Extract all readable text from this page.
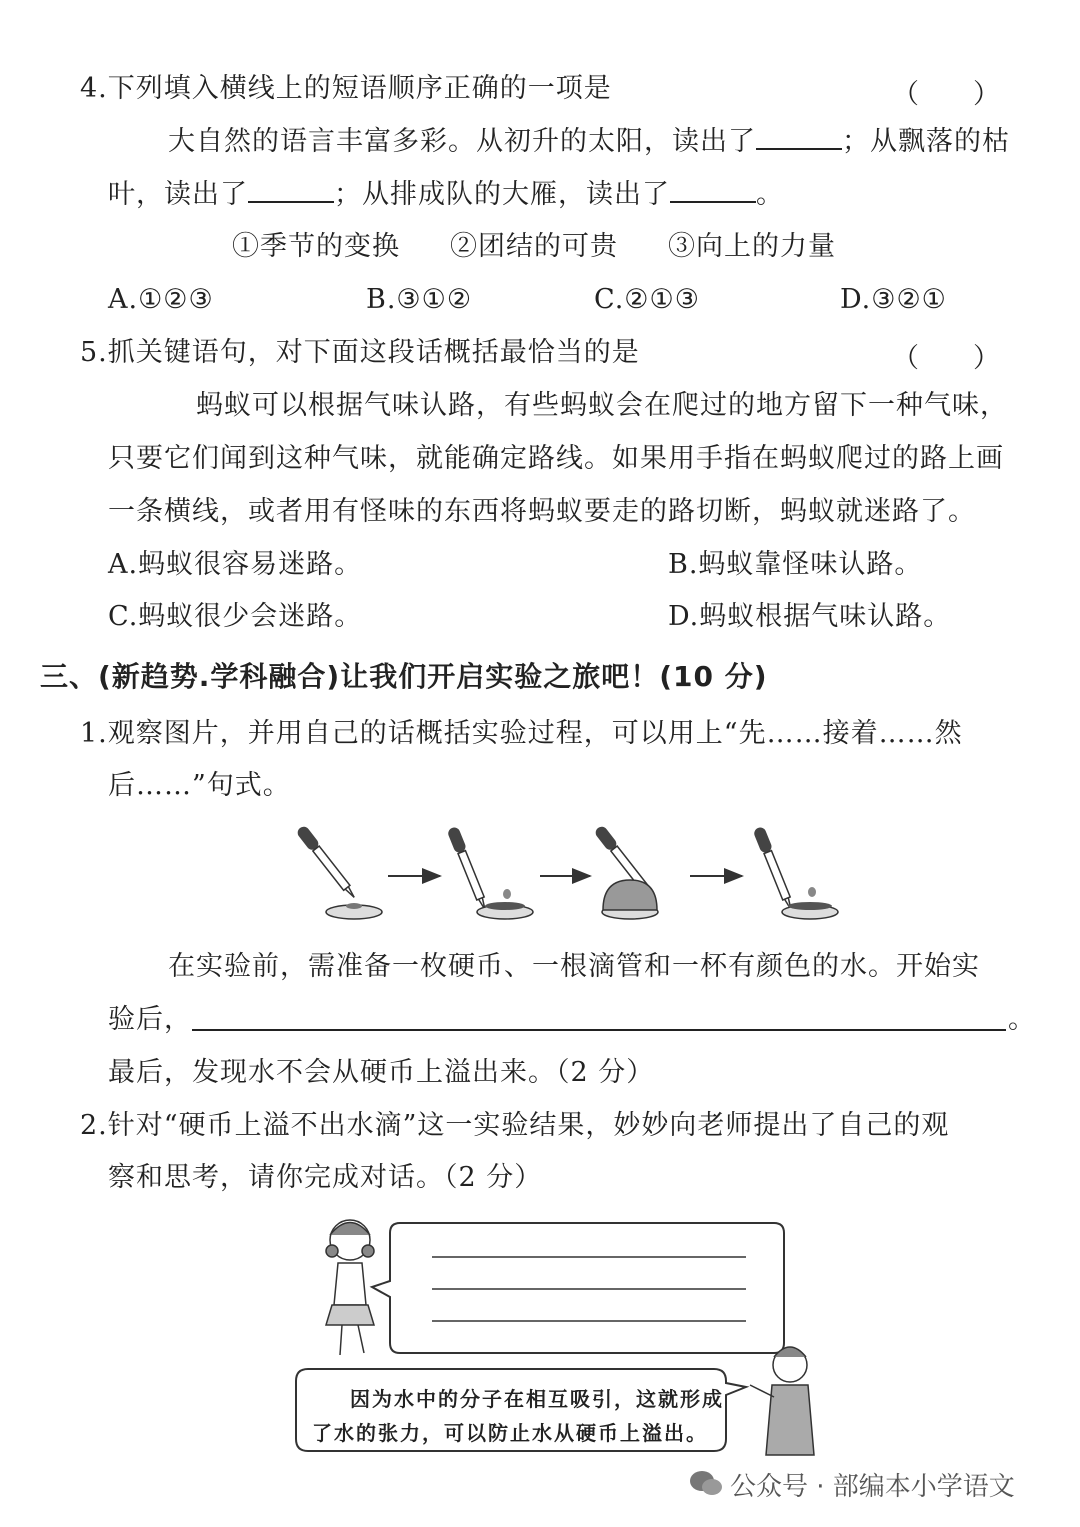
4.下列填入横线上的短语顺序正确的一项是	（　　）
大自然的语言丰富多彩。从初升的太阳，读出了	；从飘落的枯
叶，读出了	；从排成队的大雁，读出了	。
①季节的变换 ②团结的可贵 ③向上的力量
A.①②③	B.③①②	C.②①③	D.③②①
5.抓关键语句，对下面这段话概括最恰当的是	（　　）
蚂蚁可以根据气味认路，有些蚂蚁会在爬过的地方留下一种气味，
只要它们闻到这种气味，就能确定路线。如果用手指在蚂蚁爬过的路上画
一条横线，或者用有怪味的东西将蚂蚁要走的路切断，蚂蚁就迷路了。
A.蚂蚁很容易迷路。	B.蚂蚁靠怪味认路。
C.蚂蚁很少会迷路。	D.蚂蚁根据气味认路。
三、(新趋势.学科融合)让我们开启实验之旅吧！(10 分)
1.观察图片，并用自己的话概括实验过程，可以用上“先……接着……然
后……”句式。
在实验前，需准备一枚硬币、一根滴管和一杯有颜色的水。开始实
验后，	。
最后，发现水不会从硬币上溢出来。（2 分）
2.针对“硬币上溢不出水滴”这一实验结果，妙妙向老师提出了自己的观
察和思考，请你完成对话。（2 分）
因为水中的分子在相互吸引，这就形成
了水的张力，可以防止水从硬币上溢出。
公众号 · 部编本小学语文
